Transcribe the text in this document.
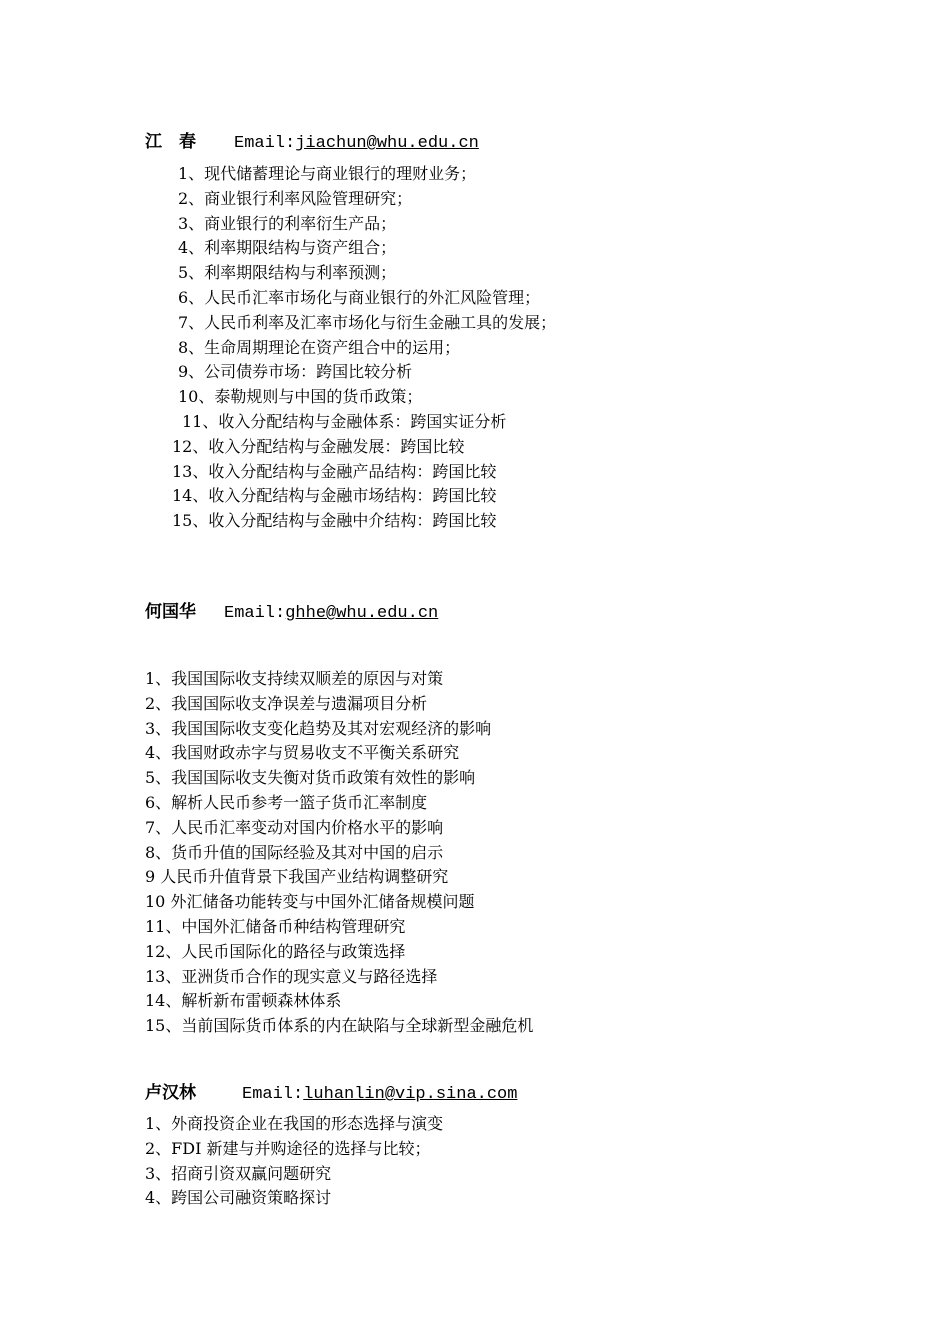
江　春 Email:jiachun@whu.edu.cn
1、现代储蓄理论与商业银行的理财业务；
2、商业银行利率风险管理研究；
3、商业银行的利率衍生产品；
4、利率期限结构与资产组合；
5、利率期限结构与利率预测；
6、人民币汇率市场化与商业银行的外汇风险管理；
7、人民币利率及汇率市场化与衍生金融工具的发展；
8、生命周期理论在资产组合中的运用；
9、公司债券市场：跨国比较分析
10、泰勒规则与中国的货币政策；
11、收入分配结构与金融体系：跨国实证分析
12、收入分配结构与金融发展：跨国比较
13、收入分配结构与金融产品结构：跨国比较
14、收入分配结构与金融市场结构：跨国比较
15、收入分配结构与金融中介结构：跨国比较
何国华 Email:ghhe@whu.edu.cn
1、我国国际收支持续双顺差的原因与对策
2、我国国际收支净误差与遗漏项目分析
3、我国国际收支变化趋势及其对宏观经济的影响
4、我国财政赤字与贸易收支不平衡关系研究
5、我国国际收支失衡对货币政策有效性的影响
6、解析人民币参考一篮子货币汇率制度
7、人民币汇率变动对国内价格水平的影响
8、货币升值的国际经验及其对中国的启示
9 人民币升值背景下我国产业结构调整研究
10 外汇储备功能转变与中国外汇储备规模问题
11、中国外汇储备币种结构管理研究
12、人民币国际化的路径与政策选择
13、亚洲货币合作的现实意义与路径选择
14、解析新布雷顿森林体系
15、当前国际货币体系的内在缺陷与全球新型金融危机
卢汉林	Email:luhanlin@vip.sina.com
1、外商投资企业在我国的形态选择与演变
2、FDI 新建与并购途径的选择与比较；
3、招商引资双赢问题研究
4、跨国公司融资策略探讨
